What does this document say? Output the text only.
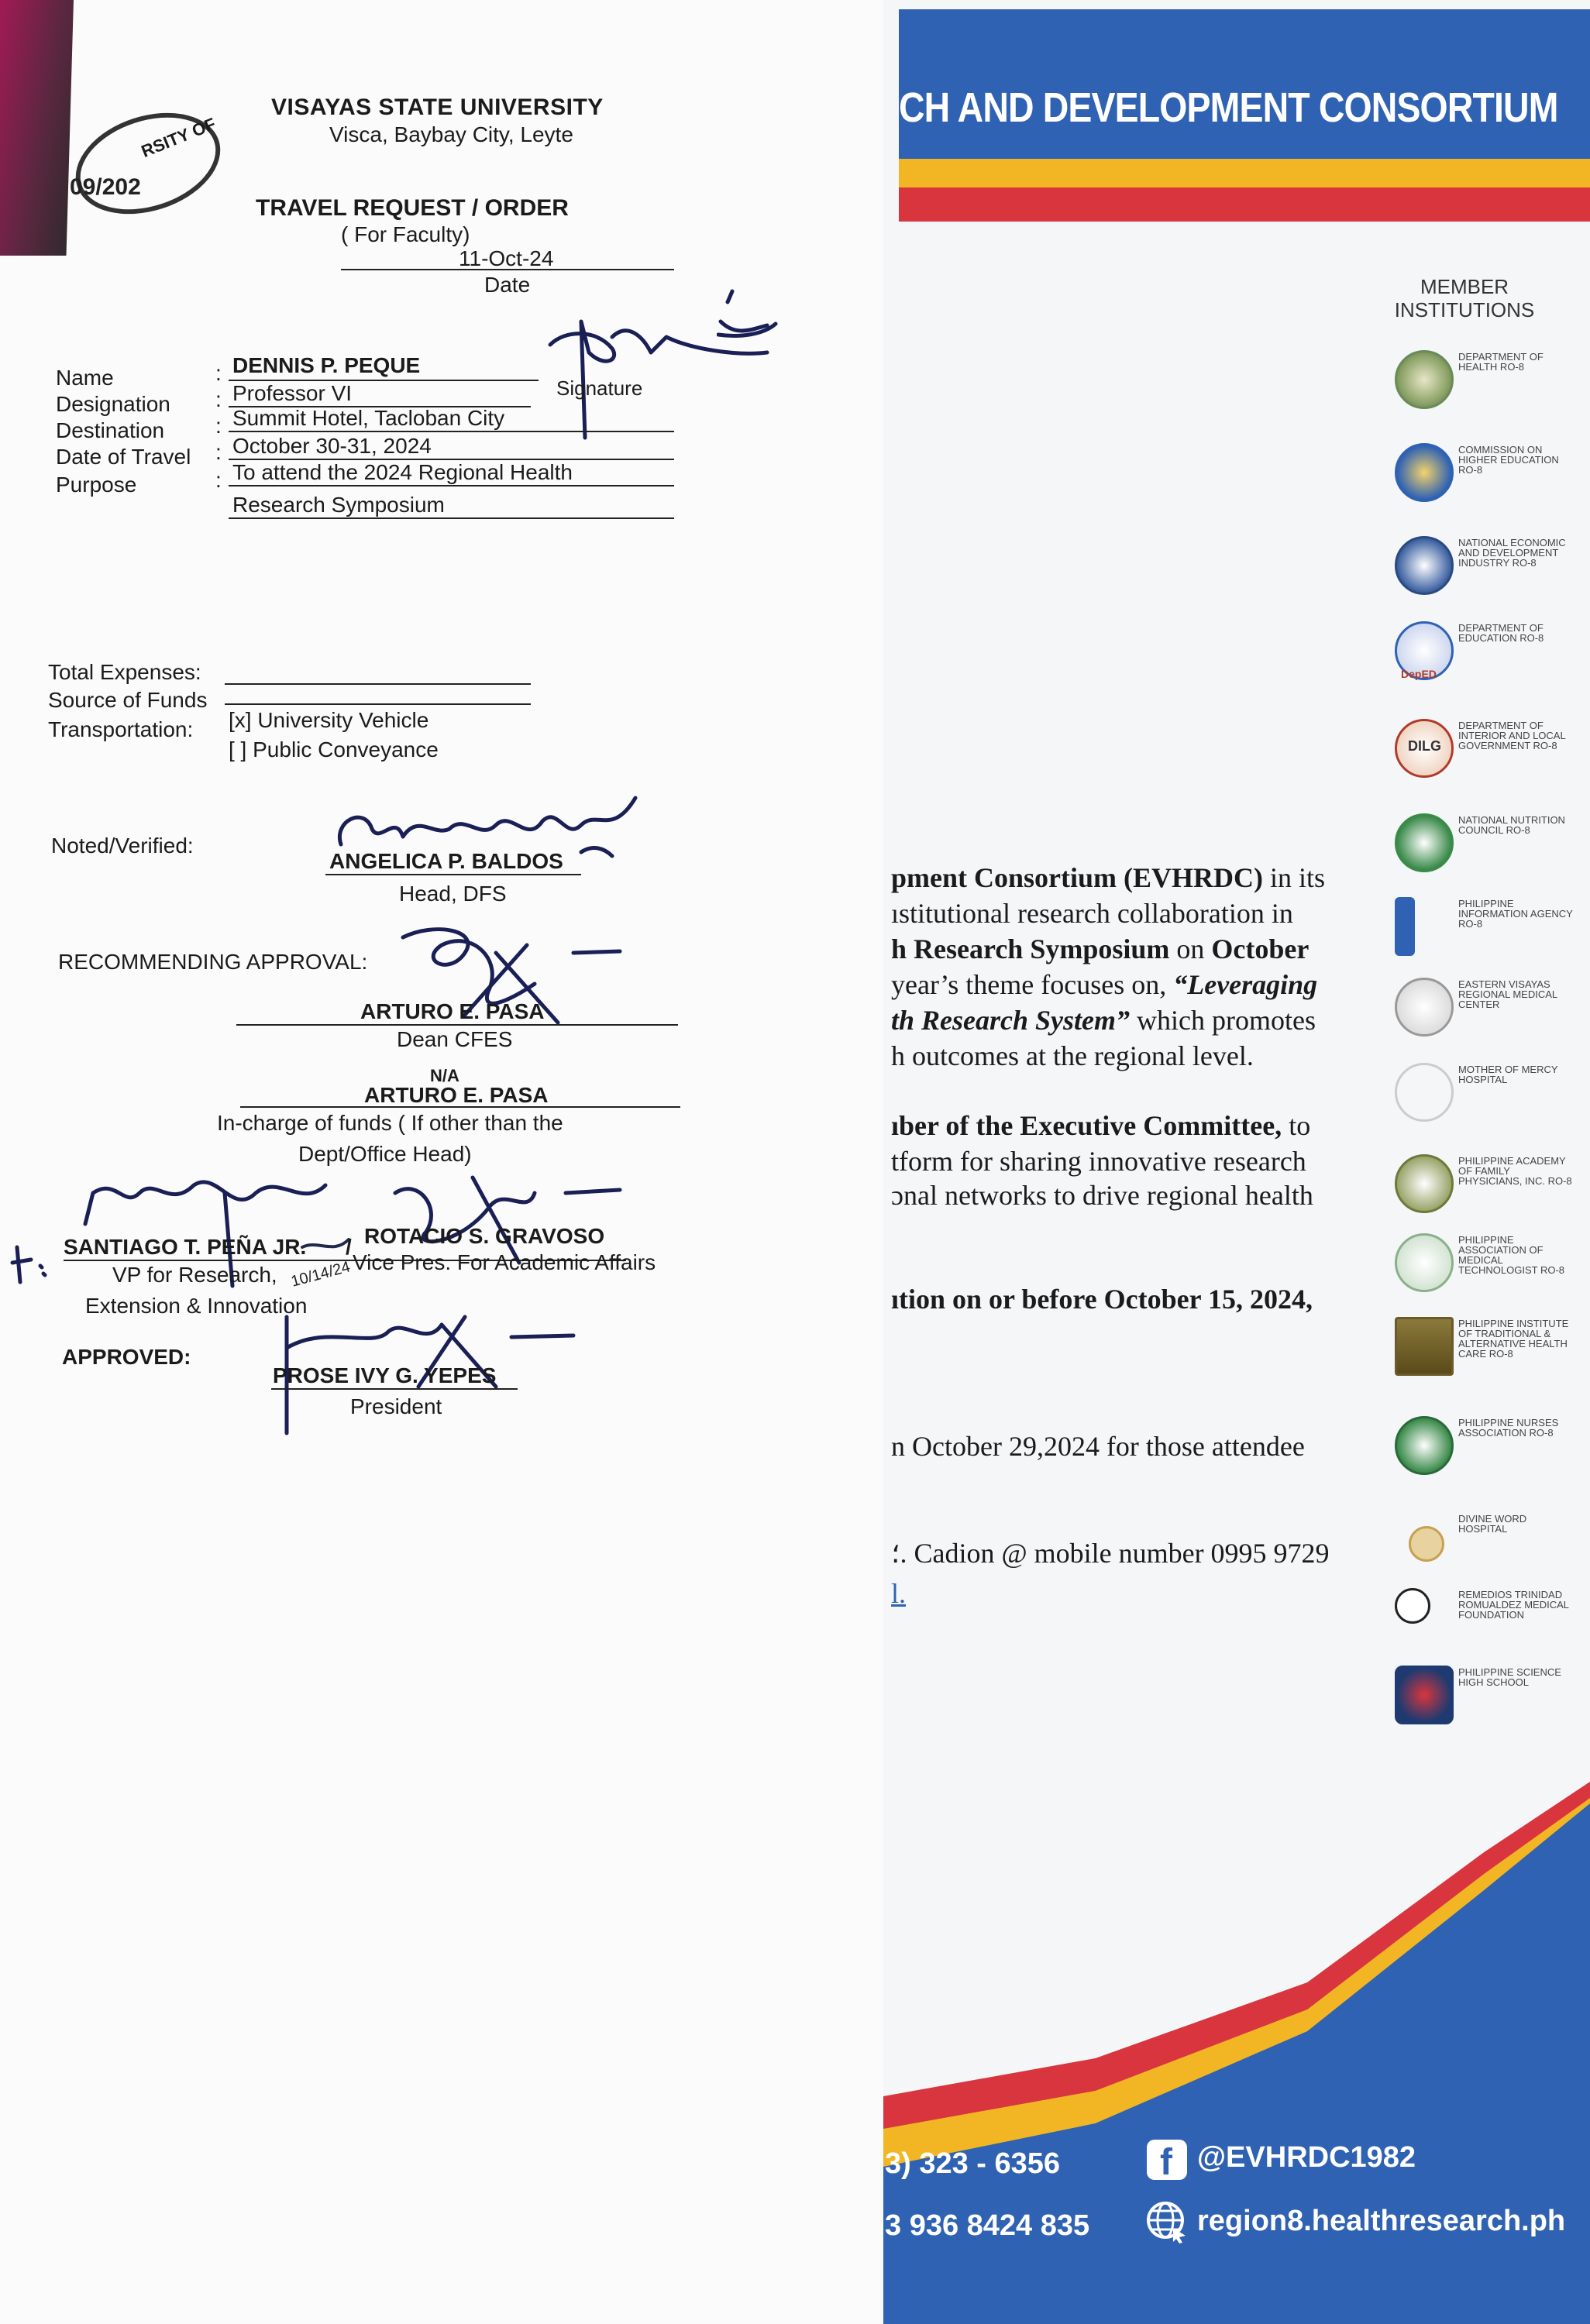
RSITY OF
09/202
VISAYAS STATE UNIVERSITY
Visca, Baybay City, Leyte
TRAVEL REQUEST / ORDER
( For Faculty)
11-Oct-24
Date
Signature
Name
Designation
Destination
Date of Travel
Purpose
:
:
:
:
:
DENNIS P. PEQUE
Professor VI
Summit Hotel, Tacloban City
October 30-31, 2024
To attend the 2024 Regional Health
Research Symposium
Total Expenses:
Source of Funds
Transportation: [x] University Vehicle
[ ] Public Conveyance
Noted/Verified:
ANGELICA P. BALDOS
Head, DFS
RECOMMENDING APPROVAL:
ARTURO E. PASA
Dean CFES
N/A
ARTURO E. PASA
In-charge of funds ( If other than the
Dept/Office Head)
SANTIAGO T. PEÑA JR. / ROTACIO S. GRAVOSO
VP for Research,
Extension & Innovation
Vice Pres. For Academic Affairs
10/14/24
APPROVED:
PROSE IVY G. YEPES
President
CH AND DEVELOPMENT CONSORTIUM
MEMBER
INSTITUTIONS
DEPARTMENT OF HEALTH RO-8
COMMISSION ON HIGHER EDUCATION RO-8
NATIONAL ECONOMIC AND DEVELOPMENT INDUSTRY RO-8
DEPARTMENT OF EDUCATION RO-8
DepED
DILG
DEPARTMENT OF INTERIOR AND LOCAL GOVERNMENT RO-8
NATIONAL NUTRITION COUNCIL RO-8
PHILIPPINE INFORMATION AGENCY RO-8
EASTERN VISAYAS REGIONAL MEDICAL CENTER
MOTHER OF MERCY HOSPITAL
PHILIPPINE ACADEMY OF FAMILY PHYSICIANS, INC. RO-8
PHILIPPINE ASSOCIATION OF MEDICAL TECHNOLOGIST RO-8
PHILIPPINE INSTITUTE OF TRADITIONAL & ALTERNATIVE HEALTH CARE RO-8
PHILIPPINE NURSES ASSOCIATION RO-8
DIVINE WORD HOSPITAL
REMEDIOS TRINIDAD ROMUALDEZ MEDICAL FOUNDATION
PHILIPPINE SCIENCE HIGH SCHOOL
pment Consortium (EVHRDC) in its
ıstitutional research collaboration in
h Research Symposium on October
year’s theme focuses on, “Leveraging
th Research System” which promotes
h outcomes at the regional level.
ıber of the Executive Committee, to
tform for sharing innovative research
ɔnal networks to drive regional health
ıtion on or before October 15, 2024,
n October 29,2024 for those attendee
؛. Cadion @ mobile number 0995 9729
l.
3) 323 - 6356
3 936 8424 835
f @EVHRDC1982
region8.healthresearch.ph
